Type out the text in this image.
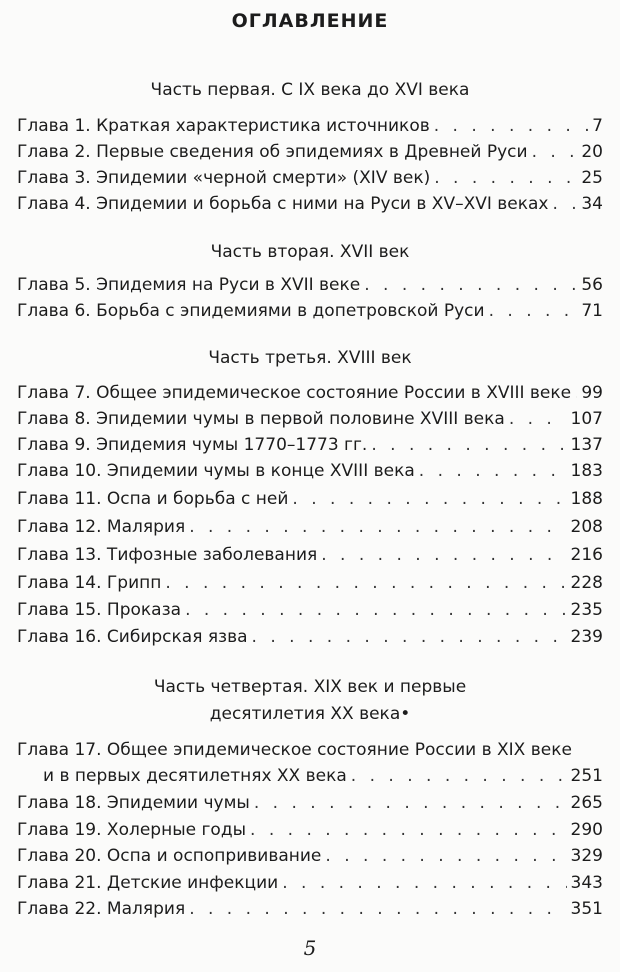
ОГЛАВЛЕНИЕ
Часть первая. С IX века до XVI века
Глава 1. Краткая характеристика источников . . .	7
Глава 2. Первые сведения об эпидемиях в Древней Руси . . .	20
Глава 3. Эпидемии «черной смерти» (XIV век) . . .	25
Глава 4. Эпидемии и борьба с ними на Руси в XV–XVI веках . . . 34
Часть вторая. XVII век
Глава 5. Эпидемия на Руси в XVII веке . . .	56
Глава 6. Борьба с эпидемиями в допетровской Руси . . .	71
Часть третья. XVIII век
Глава 7. Общее эпидемическое состояние России в XVIII веке . . . 99
Глава 8. Эпидемии чумы в первой половине XVIII века . . .	107
Глава 9. Эпидемия чумы 1770–1773 гг. . . .	137
Глава 10. Эпидемии чумы в конце XVIII века . . .	183
Глава 11. Оспа и борьба с ней . . .	188
Глава 12. Малярия . . .	208
Глава 13. Тифозные заболевания . . .	216
Глава 14. Грипп . . .	228
Глава 15. Проказа . . .	235
Глава 16. Сибирская язва . . .	239
Часть четвертая. XIX век и первые
десятилетия XX века•
Глава 17. Общее эпидемическое состояние России в XIX веке
и в первых десятилетнях XX века . . .	251
Глава 18. Эпидемии чумы . . .	265
Глава 19. Холерные годы . . .	290
Глава 20. Оспа и оспопрививание . . .	329
Глава 21. Детские инфекции . . .	343
Глава 22. Малярия . . .	351
5
